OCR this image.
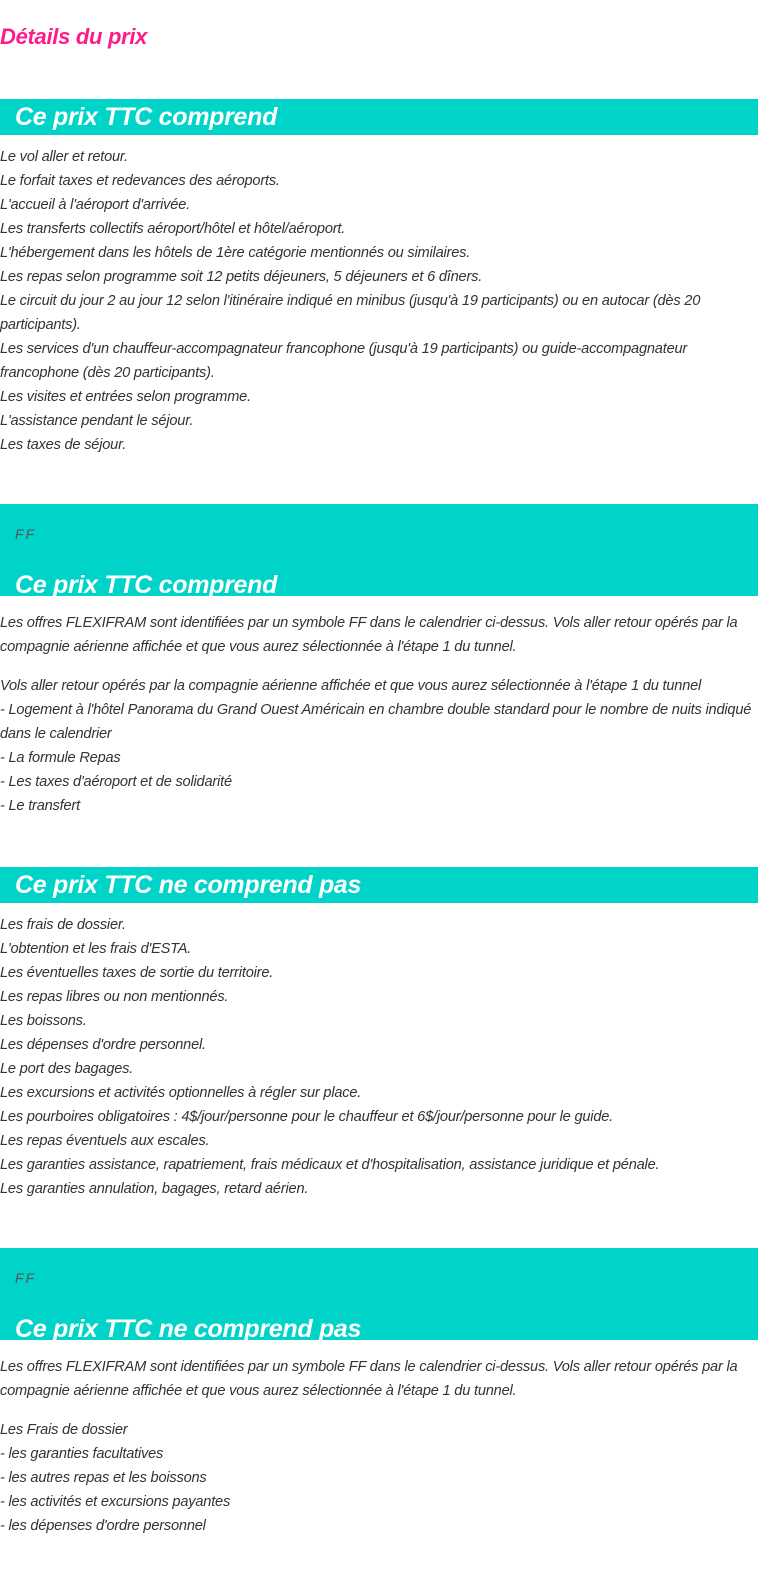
Détails du prix
Ce prix TTC comprend
Le vol aller et retour.
Le forfait taxes et redevances des aéroports.
L'accueil à l'aéroport d'arrivée.
Les transferts collectifs aéroport/hôtel et hôtel/aéroport.
L'hébergement dans les hôtels de 1ère catégorie mentionnés ou similaires.
Les repas selon programme soit 12 petits déjeuners, 5 déjeuners et 6 dîners.
Le circuit du jour 2 au jour 12 selon l'itinéraire indiqué en minibus (jusqu'à 19 participants) ou en autocar (dès 20 participants).
Les services d'un chauffeur-accompagnateur francophone (jusqu'à 19 participants) ou guide-accompagnateur francophone (dès 20 participants).
Les visites et entrées selon programme.
L'assistance pendant le séjour.
Les taxes de séjour.
FF
Ce prix TTC comprend

Les offres FLEXIFRAM sont identifiées par un symbole FF dans le calendrier ci-dessus. Vols aller retour opérés par la compagnie aérienne affichée et que vous aurez sélectionnée à l'étape 1 du tunnel.

Vols aller retour opérés par la compagnie aérienne affichée et que vous aurez sélectionnée à l'étape 1 du tunnel
- Logement à l'hôtel Panorama du Grand Ouest Américain en chambre double standard pour le nombre de nuits indiqué dans le calendrier
- La formule Repas
- Les taxes d'aéroport et de solidarité
- Le transfert
Ce prix TTC ne comprend pas
Les frais de dossier.
L'obtention et les frais d'ESTA.
Les éventuelles taxes de sortie du territoire.
Les repas libres ou non mentionnés.
Les boissons.
Les dépenses d'ordre personnel.
Le port des bagages.
Les excursions et activités optionnelles à régler sur place.
Les pourboires obligatoires : 4$/jour/personne pour le chauffeur et 6$/jour/personne pour le guide.
Les repas éventuels aux escales.
Les garanties assistance, rapatriement, frais médicaux et d'hospitalisation, assistance juridique et pénale.
Les garanties annulation, bagages, retard aérien.
FF
Ce prix TTC ne comprend pas

Les offres FLEXIFRAM sont identifiées par un symbole FF dans le calendrier ci-dessus. Vols aller retour opérés par la compagnie aérienne affichée et que vous aurez sélectionnée à l'étape 1 du tunnel.

Les Frais de dossier
- les garanties facultatives
- les autres repas et les boissons
- les activités et excursions payantes
- les dépenses d'ordre personnel
